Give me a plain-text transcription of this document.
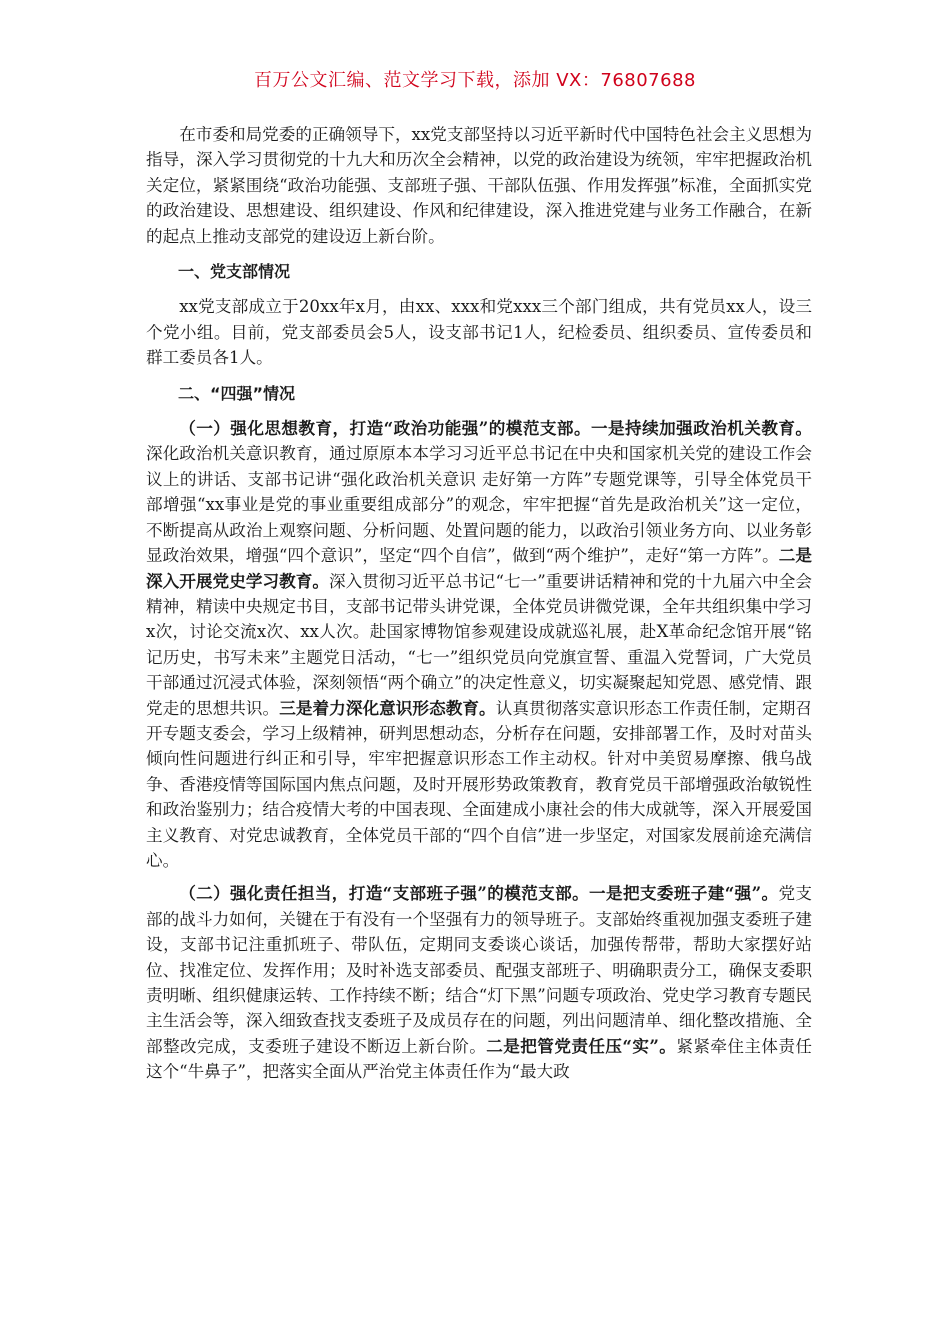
百万公文汇编、范文学习下载，添加 VX：76807688

在市委和局党委的正确领导下，xx党支部坚持以习近平新时代中国特色社会主义思想为指导，深入学习贯彻党的十九大和历次全会精神，以党的政治建设为统领，牢牢把握政治机关定位，紧紧围绕“政治功能强、支部班子强、干部队伍强、作用发挥强”标准，全面抓实党的政治建设、思想建设、组织建设、作风和纪律建设，深入推进党建与业务工作融合，在新的起点上推动支部党的建设迈上新台阶。

一、党支部情况

xx党支部成立于20xx年x月，由xx、xxx和党xxx三个部门组成，共有党员xx人，设三个党小组。目前，党支部委员会5人，设支部书记1人，纪检委员、组织委员、宣传委员和群工委员各1人。

二、“四强”情况

（一）强化思想教育，打造“政治功能强”的模范支部。一是持续加强政治机关教育。深化政治机关意识教育，通过原原本本学习习近平总书记在中央和国家机关党的建设工作会议上的讲话、支部书记讲“强化政治机关意识 走好第一方阵”专题党课等，引导全体党员干部增强“xx事业是党的事业重要组成部分”的观念，牢牢把握“首先是政治机关”这一定位，不断提高从政治上观察问题、分析问题、处置问题的能力，以政治引领业务方向、以业务彰显政治效果，增强“四个意识”，坚定“四个自信”，做到“两个维护”，走好“第一方阵”。二是深入开展党史学习教育。深入贯彻习近平总书记“七一”重要讲话精神和党的十九届六中全会精神，精读中央规定书目，支部书记带头讲党课，全体党员讲微党课，全年共组织集中学习x次，讨论交流x次、xx人次。赴国家博物馆参观建设成就巡礼展，赴X革命纪念馆开展“铭记历史，书写未来”主题党日活动，“七一”组织党员向党旗宣誓、重温入党誓词，广大党员干部通过沉浸式体验，深刻领悟“两个确立”的决定性意义，切实凝聚起知党恩、感党情、跟党走的思想共识。三是着力深化意识形态教育。认真贯彻落实意识形态工作责任制，定期召开专题支委会，学习上级精神，研判思想动态，分析存在问题，安排部署工作，及时对苗头倾向性问题进行纠正和引导，牢牢把握意识形态工作主动权。针对中美贸易摩擦、俄乌战争、香港疫情等国际国内焦点问题，及时开展形势政策教育，教育党员干部增强政治敏锐性和政治鉴别力；结合疫情大考的中国表现、全面建成小康社会的伟大成就等，深入开展爱国主义教育、对党忠诚教育，全体党员干部的“四个自信”进一步坚定，对国家发展前途充满信心。

（二）强化责任担当，打造“支部班子强”的模范支部。一是把支委班子建“强”。党支部的战斗力如何，关键在于有没有一个坚强有力的领导班子。支部始终重视加强支委班子建设，支部书记注重抓班子、带队伍，定期同支委谈心谈话，加强传帮带，帮助大家摆好站位、找准定位、发挥作用；及时补选支部委员、配强支部班子、明确职责分工，确保支委职责明晰、组织健康运转、工作持续不断；结合“灯下黑”问题专项政治、党史学习教育专题民主生活会等，深入细致查找支委班子及成员存在的问题，列出问题清单、细化整改措施、全部整改完成，支委班子建设不断迈上新台阶。二是把管党责任压“实”。紧紧牵住主体责任这个“牛鼻子”，把落实全面从严治党主体责任作为“最大政
